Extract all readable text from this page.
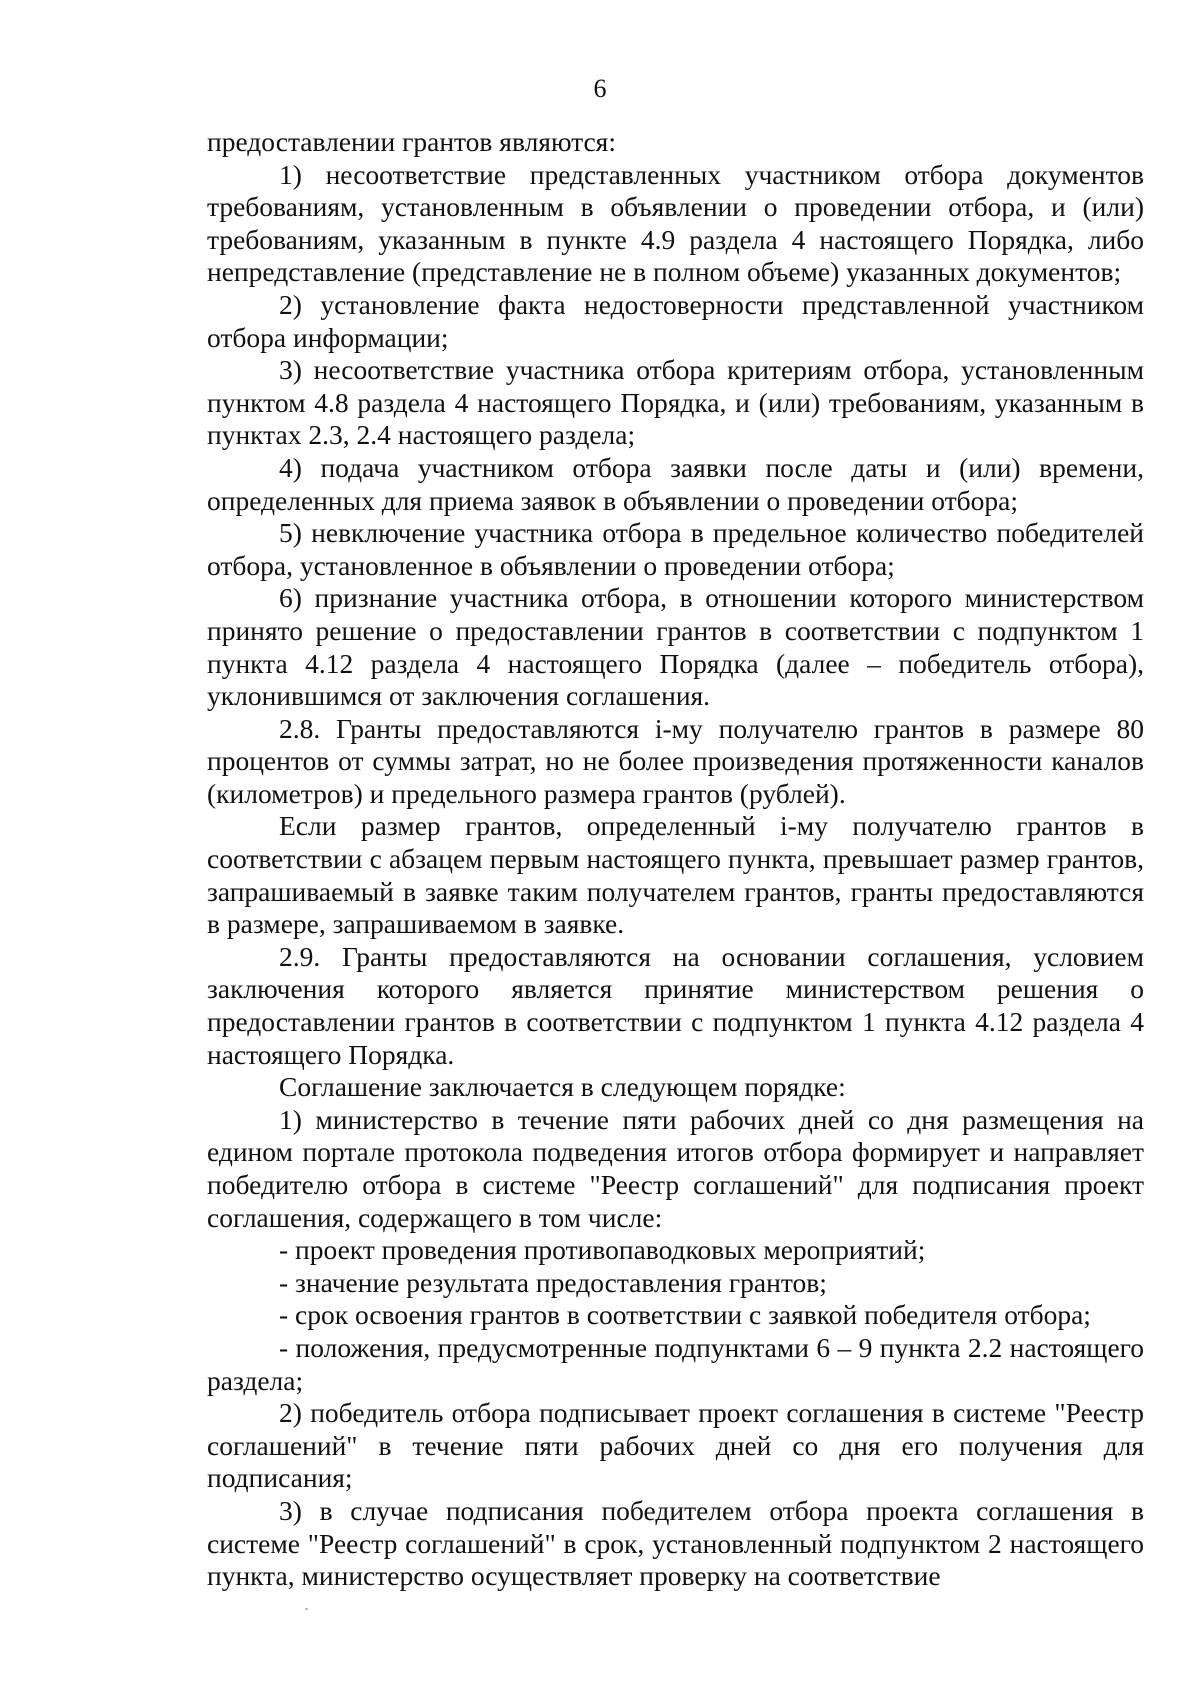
6

предоставлении грантов являются:

1) несоответствие представленных участником отбора документов требованиям, установленным в объявлении о проведении отбора, и (или) требованиям, указанным в пункте 4.9 раздела 4 настоящего Порядка, либо непредставление (представление не в полном объеме) указанных документов;

2) установление факта недостоверности представленной участником отбора информации;

3) несоответствие участника отбора критериям отбора, установленным пунктом 4.8 раздела 4 настоящего Порядка, и (или) требованиям, указанным в пунктах 2.3, 2.4 настоящего раздела;

4) подача участником отбора заявки после даты и (или) времени, определенных для приема заявок в объявлении о проведении отбора;

5) невключение участника отбора в предельное количество победителей отбора, установленное в объявлении о проведении отбора;

6) признание участника отбора, в отношении которого министерством принято решение о предоставлении грантов в соответствии с подпунктом 1 пункта 4.12 раздела 4 настоящего Порядка (далее – победитель отбора), уклонившимся от заключения соглашения.

2.8. Гранты предоставляются i-му получателю грантов в размере 80 процентов от суммы затрат, но не более произведения протяженности каналов (километров) и предельного размера грантов (рублей).

Если размер грантов, определенный i-му получателю грантов в соответствии с абзацем первым настоящего пункта, превышает размер грантов, запрашиваемый в заявке таким получателем грантов, гранты предоставляются в размере, запрашиваемом в заявке.

2.9. Гранты предоставляются на основании соглашения, условием заключения которого является принятие министерством решения о предоставлении грантов в соответствии с подпунктом 1 пункта 4.12 раздела 4 настоящего Порядка.

Соглашение заключается в следующем порядке:

1) министерство в течение пяти рабочих дней со дня размещения на едином портале протокола подведения итогов отбора формирует и направляет победителю отбора в системе "Реестр соглашений" для подписания проект соглашения, содержащего в том числе:

- проект проведения противопаводковых мероприятий;

- значение результата предоставления грантов;

- срок освоения грантов в соответствии с заявкой победителя отбора;

- положения, предусмотренные подпунктами 6 – 9 пункта 2.2 настоящего раздела;

2) победитель отбора подписывает проект соглашения в системе "Реестр соглашений" в течение пяти рабочих дней со дня его получения для подписания;

3) в случае подписания победителем отбора проекта соглашения в системе "Реестр соглашений" в срок, установленный подпунктом 2 настоящего пункта, министерство осуществляет проверку на соответствие
